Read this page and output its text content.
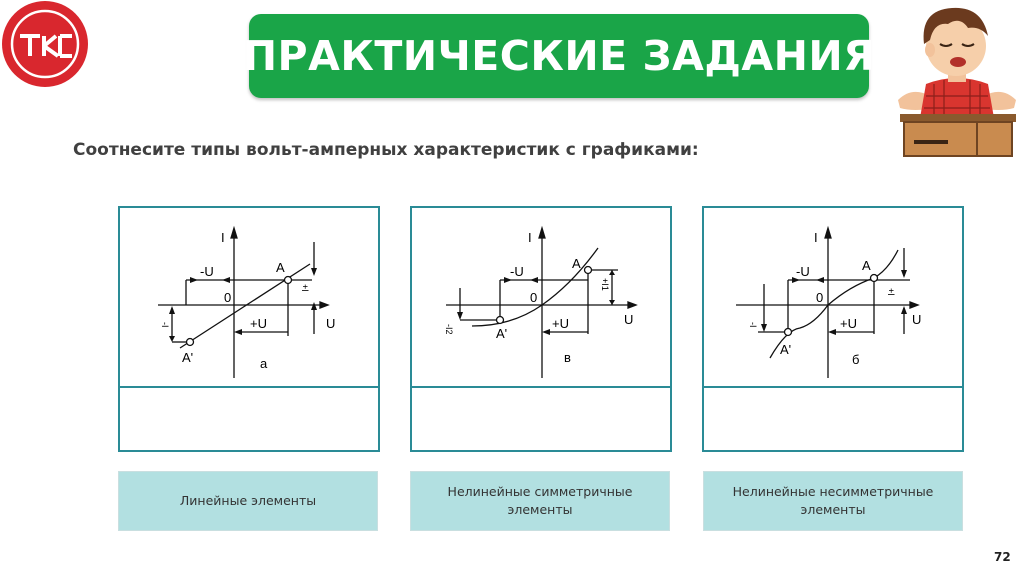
ПРАКТИЧЕСКИЕ ЗАДАНИЯ
Соотнесите типы вольт-амперных характеристик с графиками:
I
U
-U
+U
0
A
A'	а
-I
+I
I
U
-U
+U
0
A
A'
в
-I2
+I1
I
U
-U
+U
0
A
A'
б
-I
+I
Линейные элементы
Нелинейные симметричные элементы
Нелинейные несимметричные элементы
72
